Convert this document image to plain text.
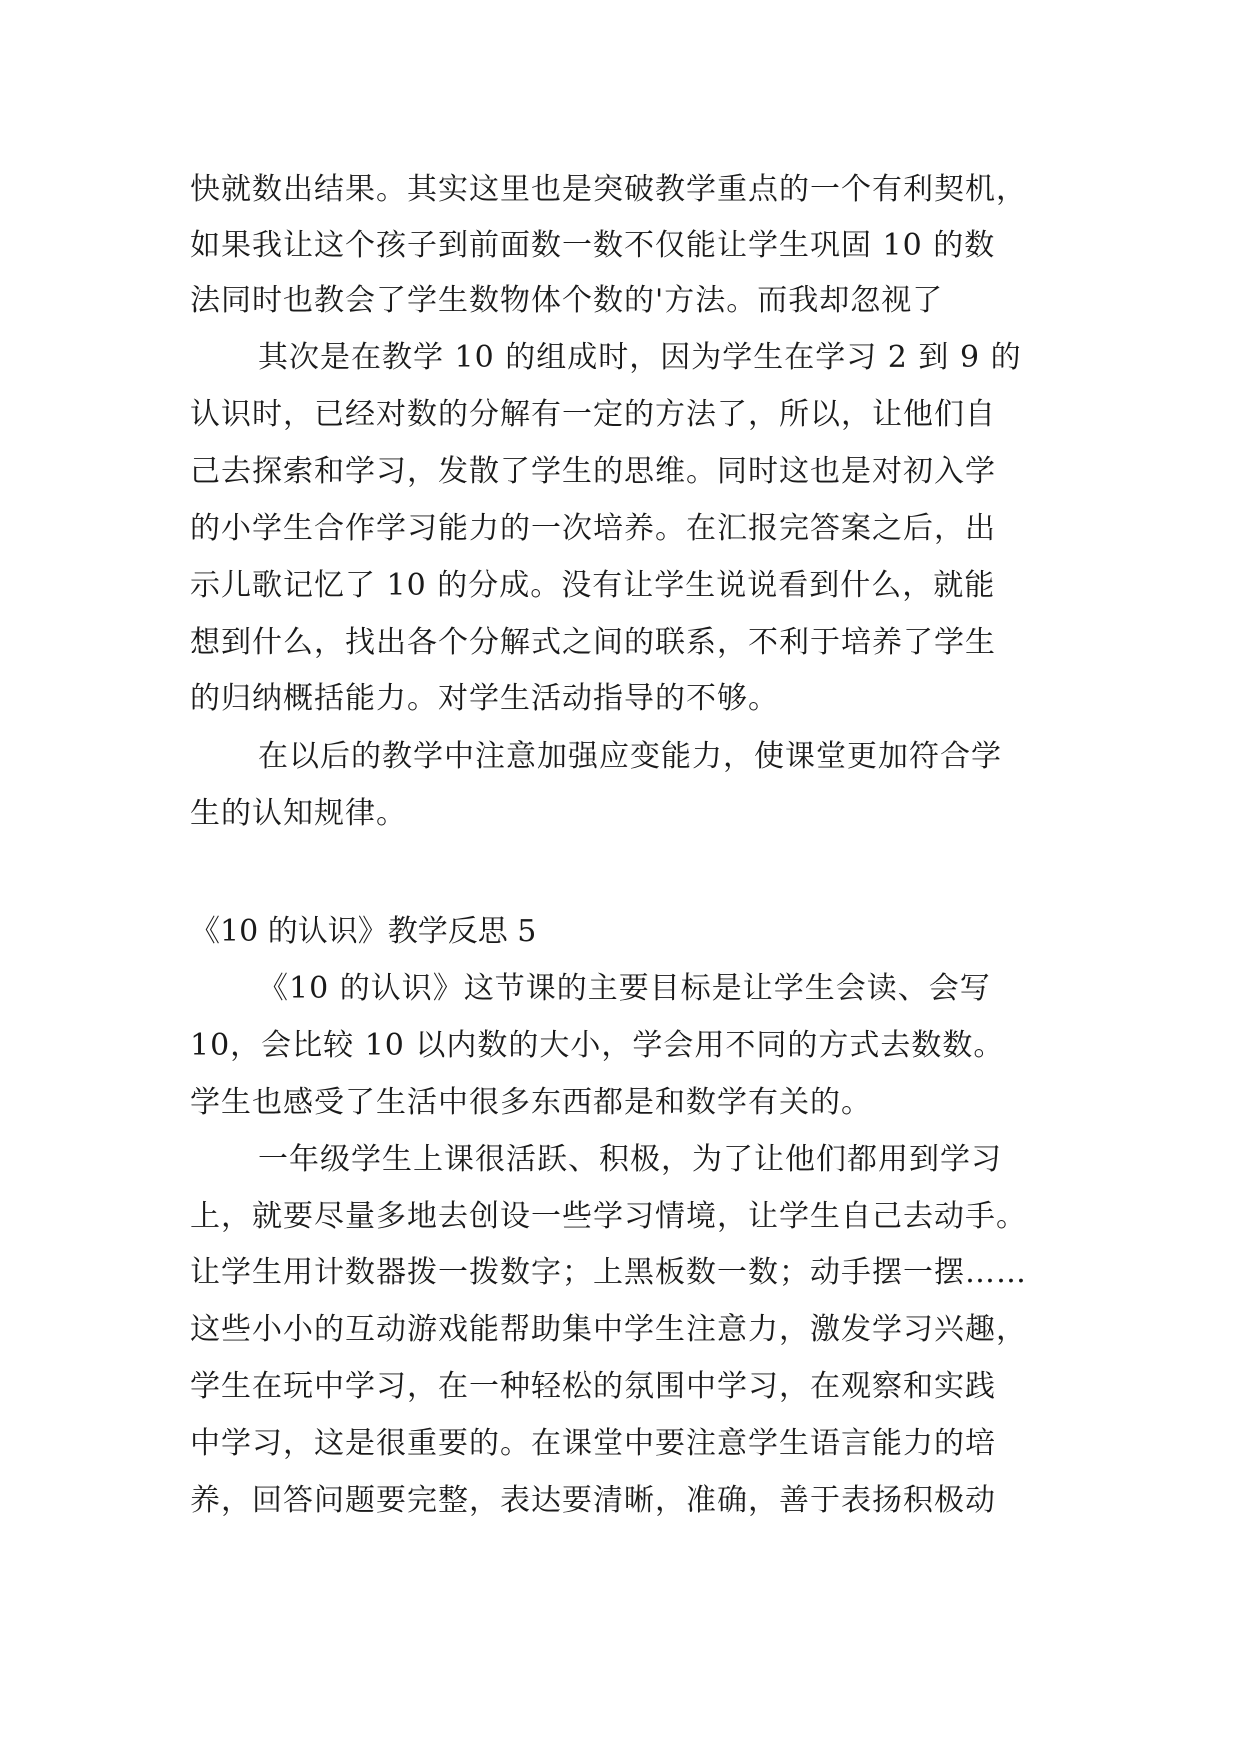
快就数出结果。其实这里也是突破教学重点的一个有利契机，
如果我让这个孩子到前面数一数不仅能让学生巩固 10 的数
法同时也教会了学生数物体个数的'方法。而我却忽视了
其次是在教学 10 的组成时，因为学生在学习 2 到 9 的
认识时，已经对数的分解有一定的方法了，所以，让他们自
己去探索和学习，发散了学生的思维。同时这也是对初入学
的小学生合作学习能力的一次培养。在汇报完答案之后，出
示儿歌记忆了 10 的分成。没有让学生说说看到什么，就能
想到什么，找出各个分解式之间的联系，不利于培养了学生
的归纳概括能力。对学生活动指导的不够。
在以后的教学中注意加强应变能力，使课堂更加符合学
生的认知规律。
《10 的认识》教学反思 5
《10 的认识》这节课的主要目标是让学生会读、会写
10，会比较 10 以内数的大小，学会用不同的方式去数数。
学生也感受了生活中很多东西都是和数学有关的。
一年级学生上课很活跃、积极，为了让他们都用到学习
上，就要尽量多地去创设一些学习情境，让学生自己去动手。
让学生用计数器拨一拨数字；上黑板数一数；动手摆一摆……
这些小小的互动游戏能帮助集中学生注意力，激发学习兴趣，
学生在玩中学习，在一种轻松的氛围中学习，在观察和实践
中学习，这是很重要的。在课堂中要注意学生语言能力的培
养，回答问题要完整，表达要清晰，准确，善于表扬积极动
